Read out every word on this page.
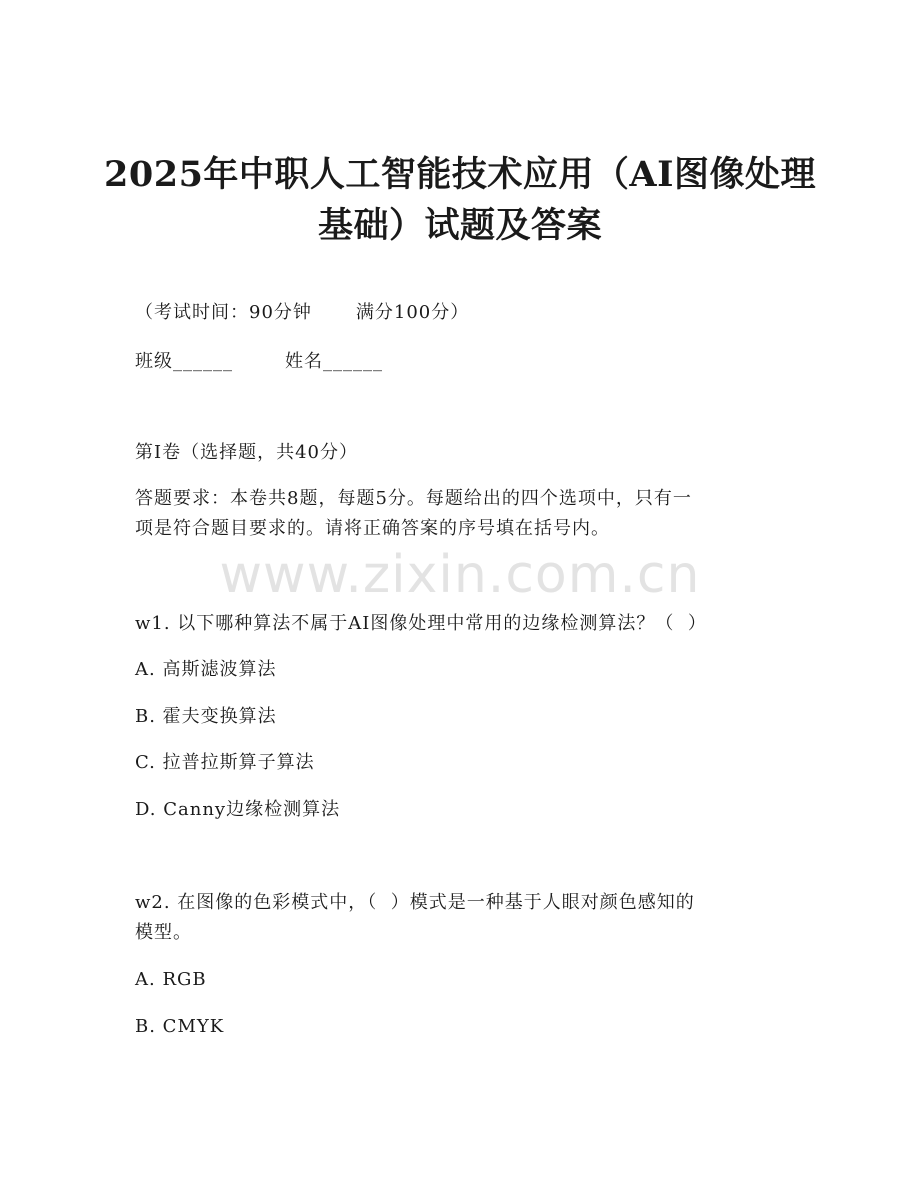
www.zixin.com.cn
2025年中职人工智能技术应用（AI图像处理
基础）试题及答案

（考试时间：90分钟 满分100分）

班级______	姓名______

第I卷（选择题，共40分）

答题要求：本卷共8题，每题5分。每题给出的四个选项中，只有一

项是符合题目要求的。请将正确答案的序号填在括号内。

w1. 以下哪种算法不属于AI图像处理中常用的边缘检测算法？（  ）

A. 高斯滤波算法

B. 霍夫变换算法

C. 拉普拉斯算子算法

D. Canny边缘检测算法

w2. 在图像的色彩模式中，（  ）模式是一种基于人眼对颜色感知的

模型。

A. RGB

B. CMYK
